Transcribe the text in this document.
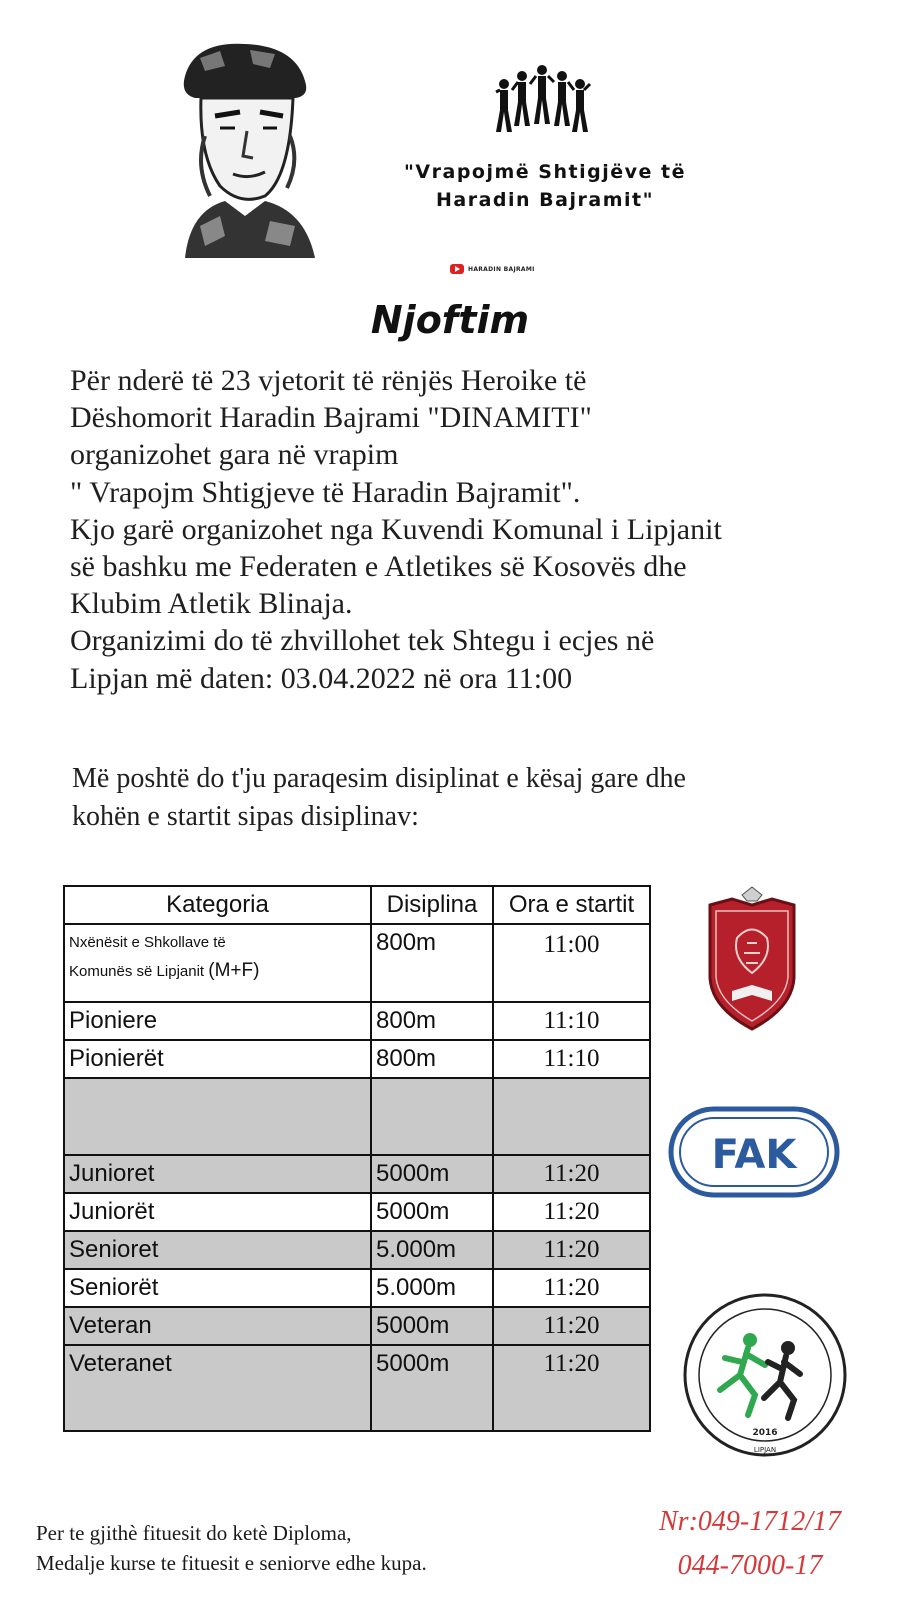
"Vrapojmë Shtigjëve të
Haradin Bajramit"
HARADIN BAJRAMI
Njoftim
Për nderë të 23 vjetorit të rënjës Heroike të
Dëshomorit Haradin Bajrami "DINAMITI"
organizohet gara në vrapim
" Vrapojm Shtigjeve të Haradin Bajramit".
Kjo garë organizohet nga Kuvendi Komunal i Lipjanit
së bashku me Federaten e Atletikes së Kosovës dhe
Klubim Atletik Blinaja.
Organizimi do të zhvillohet tek Shtegu i ecjes në
Lipjan më daten: 03.04.2022 në ora 11:00
Më poshtë do t'ju paraqesim disiplinat e kësaj gare dhe
kohën e startit sipas disiplinav:
Kategoria	Disiplina	Ora e startit

Nxënësit e Shkollave të
Komunës së Lipjanit (M+F)	800m	11:00
Pioniere	800m	11:10
Pionierët	800m	11:10

Junioret	5000m	11:20
Juniorët	5000m	11:20
Senioret	5.000m	11:20
Seniorët	5.000m	11:20
Veteran	5000m	11:20
Veteranet	5000m	11:20
FAK
2016
LIPJAN
Per te gjithè fituesit do ketè Diploma,
Medalje kurse te fituesit e seniorve edhe kupa.
Nr:049-1712/17
044-7000-17
